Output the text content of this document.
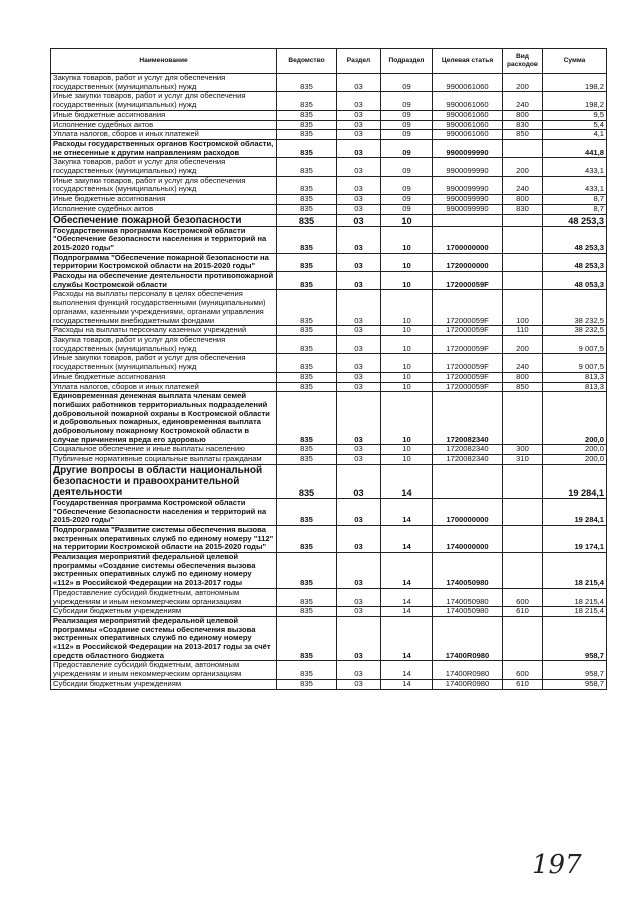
Наименование	Ведомство	Раздел	Подраздел	Целевая статья	Вид расходов	Сумма
Закупка товаров, работ и услуг для обеспечения государственных (муниципальных) нужд	835	03	09	9900061060	200	198,2
Иные закупки товаров, работ и услуг для обеспечения государственных (муниципальных) нужд	835	03	09	9900061060	240	198,2
Иные бюджетные ассигнования	835	03	09	9900061060	800	9,5
Исполнение судебных актов	835	03	09	9900061060	830	5,4
Уплата налогов, сборов и иных платежей	835	03	09	9900061060	850	4,1
Расходы государственных органов Костромской области, не отнесенные к другим направлениям расходов	835	03	09	9900099990		441,8
Закупка товаров, работ и услуг для обеспечения государственных (муниципальных) нужд	835	03	09	9900099990	200	433,1
Иные закупки товаров, работ и услуг для обеспечения государственных (муниципальных) нужд	835	03	09	9900099990	240	433,1
Иные бюджетные ассигнования	835	03	09	9900099990	800	8,7
Исполнение судебных актов	835	03	09	9900099990	830	8,7
Обеспечение пожарной безопасности	835	03	10			48 253,3
Государственная программа Костромской области "Обеспечение безопасности населения и территорий на 2015-2020 годы"	835	03	10	1700000000		48 253,3
Подпрограмма "Обеспечение пожарной безопасности на территории Костромской области на 2015-2020 годы"	835	03	10	1720000000		48 253,3
Расходы на обеспечение деятельности противопожарной службы Костромской области	835	03	10	172000059F		48 053,3
Расходы на выплаты персоналу в целях обеспечения выполнения функций государственными (муниципальными) органами, казенными учреждениями, органами управления государственными внебюджетными фондами	835	03	10	172000059F	100	38 232,5
Расходы на выплаты персоналу казенных учреждений	835	03	10	172000059F	110	38 232,5
Закупка товаров, работ и услуг для обеспечения государственных (муниципальных) нужд	835	03	10	172000059F	200	9 007,5
Иные закупки товаров, работ и услуг для обеспечения государственных (муниципальных) нужд	835	03	10	172000059F	240	9 007,5
Иные бюджетные ассигнования	835	03	10	172000059F	800	813,3
Уплата налогов, сборов и иных платежей	835	03	10	172000059F	850	813,3
Единовременная денежная выплата членам семей погибших работников территориальных подразделений добровольной пожарной охраны в Костромской области и добровольных пожарных, единовременная выплата добровольному пожарному Костромской области в случае причинения вреда его здоровью	835	03	10	1720082340		200,0
Социальное обеспечение и иные выплаты населению	835	03	10	1720082340	300	200,0
Публичные нормативные социальные выплаты гражданам	835	03	10	1720082340	310	200,0
Другие вопросы в области национальной безопасности и правоохранительной деятельности	835	03	14			19 284,1
Государственная программа Костромской области "Обеспечение безопасности населения и территорий на 2015-2020 годы"	835	03	14	1700000000		19 284,1
Подпрограмма "Развитие системы обеспечения вызова экстренных оперативных служб по единому номеру "112" на территории Костромской области на 2015-2020 годы"	835	03	14	1740000000		19 174,1
Реализация мероприятий федеральной целевой программы «Создание системы обеспечения вызова экстренных оперативных служб по единому номеру «112» в Российской Федерации на 2013-2017 годы	835	03	14	1740050980		18 215,4
Предоставление субсидий бюджетным, автономным учреждениям и иным некоммерческим организациям	835	03	14	1740050980	600	18 215,4
Субсидии бюджетным учреждениям	835	03	14	1740050980	610	18 215,4
Реализация мероприятий федеральной целевой программы «Создание системы обеспечения вызова экстренных оперативных служб по единому номеру «112» в Российской Федерации на 2013-2017 годы за счёт средств областного бюджета	835	03	14	17400R0980		958,7
Предоставление субсидий бюджетным, автономным учреждениям и иным некоммерческим организациям	835	03	14	17400R0980	600	958,7
Субсидии бюджетным учреждениям	835	03	14	17400R0980	610	958,7
197
